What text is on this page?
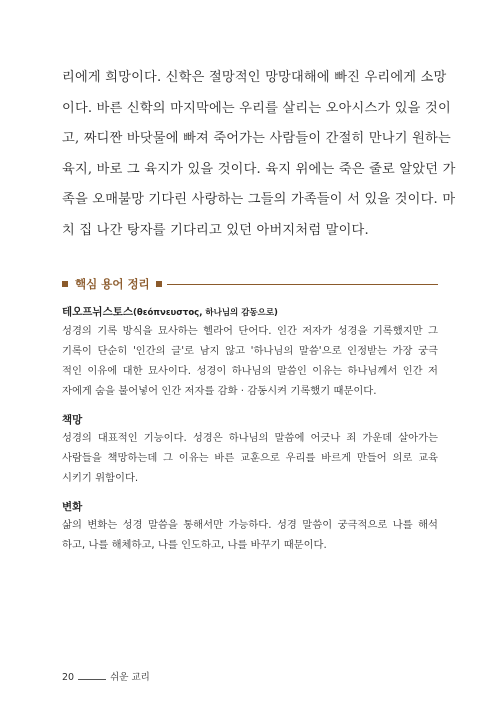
리에게 희망이다. 신학은 절망적인 망망대해에 빠진 우리에게 소망
이다. 바른 신학의 마지막에는 우리를 살리는 오아시스가 있을 것이
고, 짜디짠 바닷물에 빠져 죽어가는 사람들이 간절히 만나기 원하는
육지, 바로 그 육지가 있을 것이다. 육지 위에는 죽은 줄로 알았던 가
족을 오매불망 기다린 사랑하는 그들의 가족들이 서 있을 것이다. 마
치 집 나간 탕자를 기다리고 있던 아버지처럼 말이다.
핵심 용어 정리
테오프뉘스토스(θεόπνευστος, 하나님의 감동으로)
성경의 기록 방식을 묘사하는 헬라어 단어다. 인간 저자가 성경을 기록했지만 그
기록이 단순히 '인간의 글'로 남지 않고 '하나님의 말씀'으로 인정받는 가장 궁극
적인 이유에 대한 묘사이다. 성경이 하나님의 말씀인 이유는 하나님께서 인간 저
자에게 숨을 불어넣어 인간 저자를 감화 · 감동시켜 기록했기 때문이다.
책망
성경의 대표적인 기능이다. 성경은 하나님의 말씀에 어긋나 죄 가운데 살아가는
사람들을 책망하는데 그 이유는 바른 교훈으로 우리를 바르게 만들어 의로 교육
시키기 위함이다.
변화
삶의 변화는 성경 말씀을 통해서만 가능하다. 성경 말씀이 궁극적으로 나를 해석
하고, 나를 해체하고, 나를 인도하고, 나를 바꾸기 때문이다.
20	쉬운 교리
